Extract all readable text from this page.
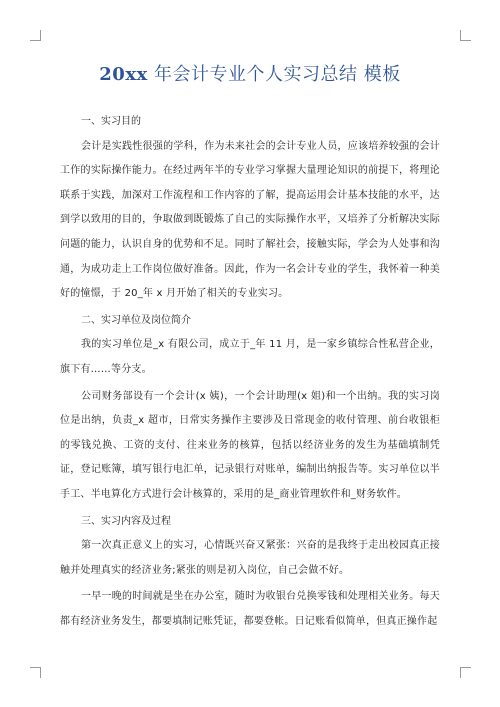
20xx 年会计专业个人实习总结 模板

一、实习目的

会计是实践性很强的学科，作为未来社会的会计专业人员，应该培养较强的会计工作的实际操作能力。在经过两年半的专业学习掌握大量理论知识的前提下，将理论联系于实践，加深对工作流程和工作内容的了解，提高运用会计基本技能的水平，达到学以致用的目的，争取做到既锻炼了自己的实际操作水平，又培养了分析解决实际问题的能力，认识自身的优势和不足。同时了解社会，接触实际，学会为人处事和沟通，为成功走上工作岗位做好准备。因此，作为一名会计专业的学生，我怀着一种美好的憧憬，于 20_年 x 月开始了相关的专业实习。

二、实习单位及岗位简介

我的实习单位是_x 有限公司，成立于_年 11 月，是一家乡镇综合性私营企业，旗下有……等分支。

公司财务部设有一个会计(x 姨)，一个会计助理(x 姐)和一个出纳。我的实习岗位是出纳，负责_x 超市，日常实务操作主要涉及日常现金的收付管理、前台收银柜的零钱兑换、工资的支付、往来业务的核算，包括以经济业务的发生为基础填制凭证，登记账簿，填写银行电汇单，记录银行对账单，编制出纳报告等。实习单位以半手工、半电算化方式进行会计核算的，采用的是_商业管理软件和_财务软件。

三、实习内容及过程

第一次真正意义上的实习，心情既兴奋又紧张：兴奋的是我终于走出校园真正接触并处理真实的经济业务;紧张的则是初入岗位，自己会做不好。

一早一晚的时间就是坐在办公室，随时为收银台兑换零钱和处理相关业务。每天都有经济业务发生，都要填制记账凭证，都要登帐。日记账看似简单，但真正操作起
